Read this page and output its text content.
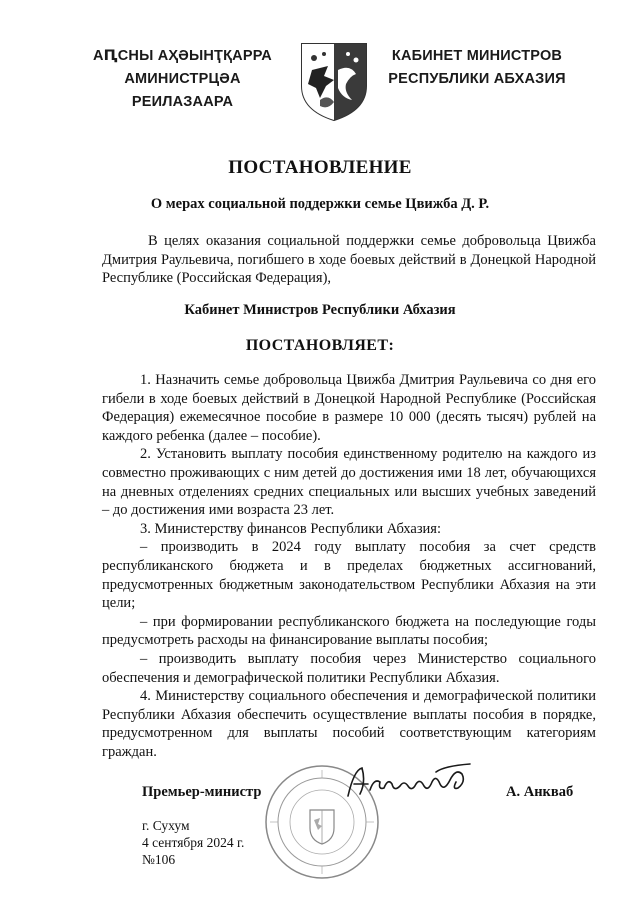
АԤСНЫ АҲӘЫНҬҚАРРА
АМИНИСТРЦӘА РЕИЛАЗААРА
КАБИНЕТ МИНИСТРОВ
РЕСПУБЛИКИ АБХАЗИЯ
ПОСТАНОВЛЕНИЕ
О мерах социальной поддержки семье Цвижба Д. Р.
В целях оказания социальной поддержки семье добровольца Цвижба Дмитрия Раульевича, погибшего в ходе боевых действий в Донецкой Народной Республике (Российская Федерация),
Кабинет Министров Республики Абхазия
ПОСТАНОВЛЯЕТ:

1. Назначить семье добровольца Цвижба Дмитрия Раульевича со дня его гибели в ходе боевых действий в Донецкой Народной Республике (Российская Федерация) ежемесячное пособие в размере 10 000 (десять тысяч) рублей на каждого ребенка (далее – пособие).

2. Установить выплату пособия единственному родителю на каждого из совместно проживающих с ним детей до достижения ими 18 лет, обучающихся на дневных отделениях средних специальных или высших учебных заведений – до достижения ими возраста 23 лет.

3. Министерству финансов Республики Абхазия:

– производить в 2024 году выплату пособия за счет средств республиканского бюджета и в пределах бюджетных ассигнований, предусмотренных бюджетным законодательством Республики Абхазия на эти цели;

– при формировании республиканского бюджета на последующие годы предусмотреть расходы на финансирование выплаты пособия;

– производить выплату пособия через Министерство социального обеспечения и демографической политики Республики Абхазия.

4. Министерству социального обеспечения и демографической политики Республики Абхазия обеспечить осуществление выплаты пособия в порядке, предусмотренном для выплаты пособий соответствующим категориям граждан.

Премьер-министр	А. Анкваб
г. Сухум
4 сентября 2024 г.
№106
